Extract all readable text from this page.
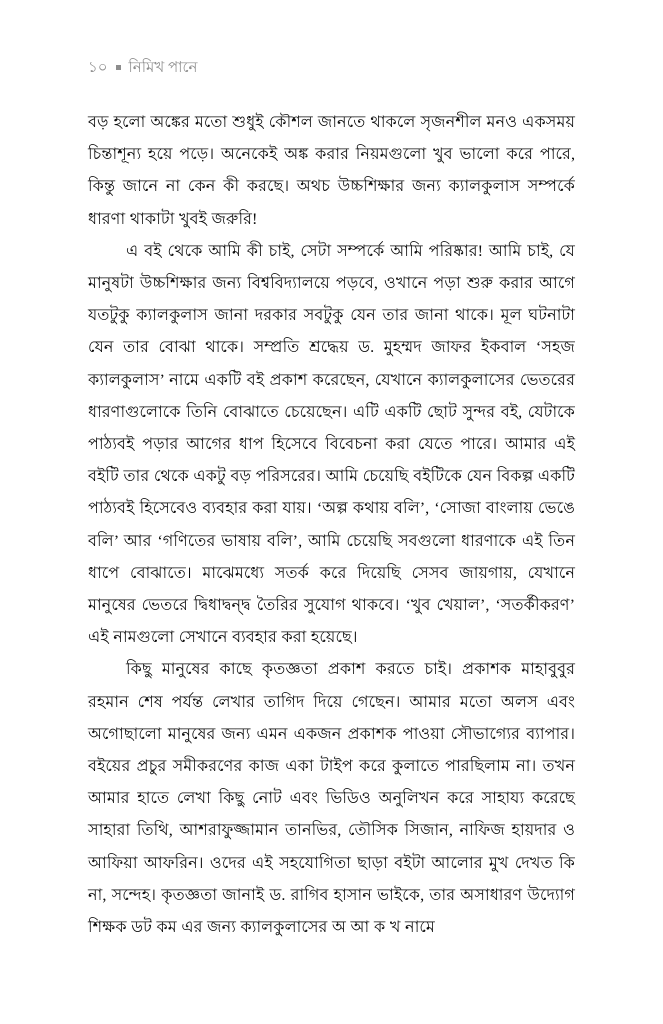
১০ নিমিখ পানে

বড় হলো অঙ্কের মতো শুধুই কৌশল জানতে থাকলে সৃজনশীল মনও একসময় চিন্তাশূন্য হয়ে পড়ে। অনেকেই অঙ্ক করার নিয়মগুলো খুব ভালো করে পারে, কিন্তু জানে না কেন কী করছে। অথচ উচ্চশিক্ষার জন্য ক্যালকুলাস সম্পর্কে ধারণা থাকাটা খুবই জরুরি!

এ বই থেকে আমি কী চাই, সেটা সম্পর্কে আমি পরিষ্কার! আমি চাই, যে মানুষটা উচ্চশিক্ষার জন্য বিশ্ববিদ্যালয়ে পড়বে, ওখানে পড়া শুরু করার আগে যতটুকু ক্যালকুলাস জানা দরকার সবটুকু যেন তার জানা থাকে। মূল ঘটনাটা যেন তার বোঝা থাকে। সম্প্রতি শ্রদ্ধেয় ড. মুহম্মদ জাফর ইকবাল ‘সহজ ক্যালকুলাস’ নামে একটি বই প্রকাশ করেছেন, যেখানে ক্যালকুলাসের ভেতরের ধারণাগুলোকে তিনি বোঝাতে চেয়েছেন। এটি একটি ছোট সুন্দর বই, যেটাকে পাঠ্যবই পড়ার আগের ধাপ হিসেবে বিবেচনা করা যেতে পারে। আমার এই বইটি তার থেকে একটু বড় পরিসরের। আমি চেয়েছি বইটিকে যেন বিকল্প একটি পাঠ্যবই হিসেবেও ব্যবহার করা যায়। ‘অল্প কথায় বলি’, ‘সোজা বাংলায় ভেঙে বলি’ আর ‘গণিতের ভাষায় বলি’, আমি চেয়েছি সবগুলো ধারণাকে এই তিন ধাপে বোঝাতে। মাঝেমধ্যে সতর্ক করে দিয়েছি সেসব জায়গায়, যেখানে মানুষের ভেতরে দ্বিধাদ্বন্দ্ব তৈরির সুযোগ থাকবে। ‘খুব খেয়াল’, ‘সতর্কীকরণ’ এই নামগুলো সেখানে ব্যবহার করা হয়েছে।

কিছু মানুষের কাছে কৃতজ্ঞতা প্রকাশ করতে চাই। প্রকাশক মাহাবুবুর রহমান শেষ পর্যন্ত লেখার তাগিদ দিয়ে গেছেন। আমার মতো অলস এবং অগোছালো মানুষের জন্য এমন একজন প্রকাশক পাওয়া সৌভাগ্যের ব্যাপার। বইয়ের প্রচুর সমীকরণের কাজ একা টাইপ করে কুলাতে পারছিলাম না। তখন আমার হাতে লেখা কিছু নোট এবং ভিডিও অনুলিখন করে সাহায্য করেছে সাহারা তিথি, আশরাফুজ্জামান তানভির, তৌসিক সিজান, নাফিজ হায়দার ও আফিয়া আফরিন। ওদের এই সহযোগিতা ছাড়া বইটা আলোর মুখ দেখত কি না, সন্দেহ। কৃতজ্ঞতা জানাই ড. রাগিব হাসান ভাইকে, তার অসাধারণ উদ্যোগ শিক্ষক ডট কম এর জন্য ক্যালকুলাসের অ আ ক খ নামে
